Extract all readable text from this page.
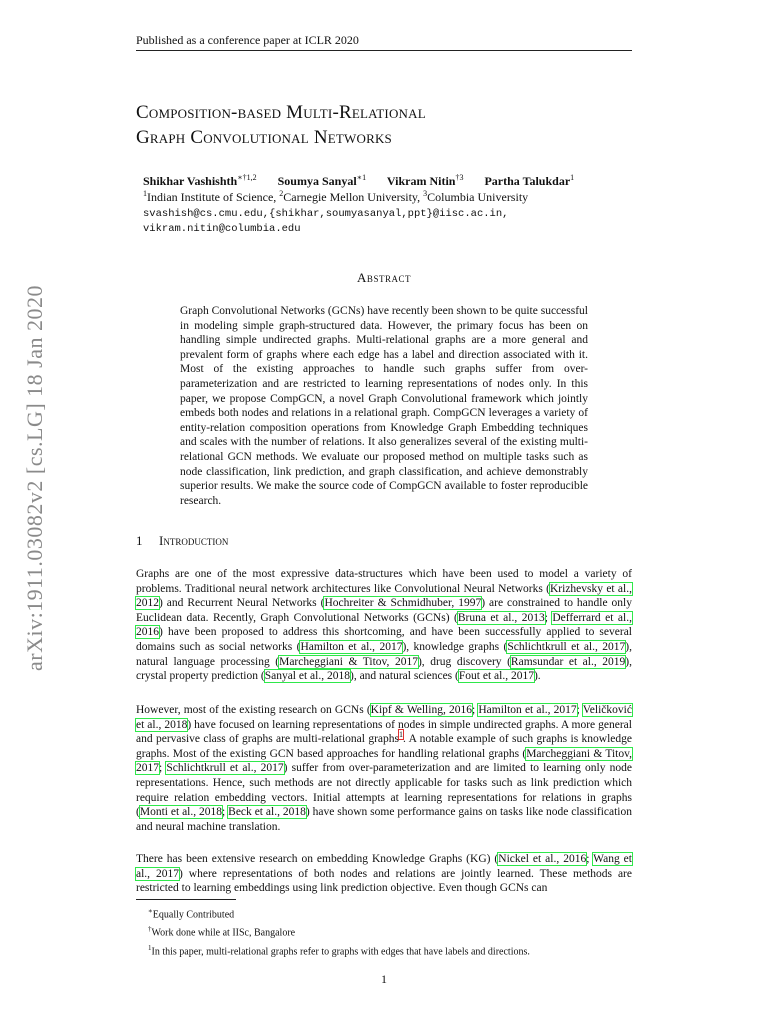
Published as a conference paper at ICLR 2020
arXiv:1911.03082v2 [cs.LG] 18 Jan 2020
Composition-based Multi-Relational
Graph Convolutional Networks
Shikhar Vashishth$^{∗\dagger 1,2}$ Soumya Sanyal$^{∗1}$ Vikram Nitin$^{\dagger 3}$ Partha Talukdar$^1$
$^1$Indian Institute of Science, $^2$Carnegie Mellon University, $^3$Columbia University
svashish@cs.cmu.edu,{shikhar,soumyasanyal,ppt}@iisc.ac.in,
vikram.nitin@columbia.edu
Abstract
Graph Convolutional Networks (GCNs) have recently been shown to be quite successful in modeling simple graph-structured data. However, the primary focus has been on handling simple undirected graphs. Multi-relational graphs are a more general and prevalent form of graphs where each edge has a label and direction associated with it. Most of the existing approaches to handle such graphs suffer from over-parameterization and are restricted to learning representations of nodes only. In this paper, we propose CompGCN, a novel Graph Convolutional framework which jointly embeds both nodes and relations in a relational graph. CompGCN leverages a variety of entity-relation composition operations from Knowledge Graph Embedding techniques and scales with the number of relations. It also generalizes several of the existing multi-relational GCN methods. We evaluate our proposed method on multiple tasks such as node classification, link prediction, and graph classification, and achieve demonstrably superior results. We make the source code of CompGCN available to foster reproducible research.
1 Introduction
Graphs are one of the most expressive data-structures which have been used to model a variety of problems. Traditional neural network architectures like Convolutional Neural Networks (Krizhevsky et al., 2012) and Recurrent Neural Networks (Hochreiter & Schmidhuber, 1997) are constrained to handle only Euclidean data. Recently, Graph Convolutional Networks (GCNs) (Bruna et al., 2013; Defferrard et al., 2016) have been proposed to address this shortcoming, and have been successfully applied to several domains such as social networks (Hamilton et al., 2017), knowledge graphs (Schlichtkrull et al., 2017), natural language processing (Marcheggiani & Titov, 2017), drug discovery (Ramsundar et al., 2019), crystal property prediction (Sanyal et al., 2018), and natural sciences (Fout et al., 2017).
However, most of the existing research on GCNs (Kipf & Welling, 2016; Hamilton et al., 2017; Veličković et al., 2018) have focused on learning representations of nodes in simple undirected graphs. A more general and pervasive class of graphs are multi-relational graphs$^1$. A notable example of such graphs is knowledge graphs. Most of the existing GCN based approaches for handling relational graphs (Marcheggiani & Titov, 2017; Schlichtkrull et al., 2017) suffer from over-parameterization and are limited to learning only node representations. Hence, such methods are not directly applicable for tasks such as link prediction which require relation embedding vectors. Initial attempts at learning representations for relations in graphs (Monti et al., 2018; Beck et al., 2018) have shown some performance gains on tasks like node classification and neural machine translation.
There has been extensive research on embedding Knowledge Graphs (KG) (Nickel et al., 2016; Wang et al., 2017) where representations of both nodes and relations are jointly learned. These methods are restricted to learning embeddings using link prediction objective. Even though GCNs can
∗Equally Contributed
†Work done while at IISc, Bangalore
$^1$In this paper, multi-relational graphs refer to graphs with edges that have labels and directions.
1
